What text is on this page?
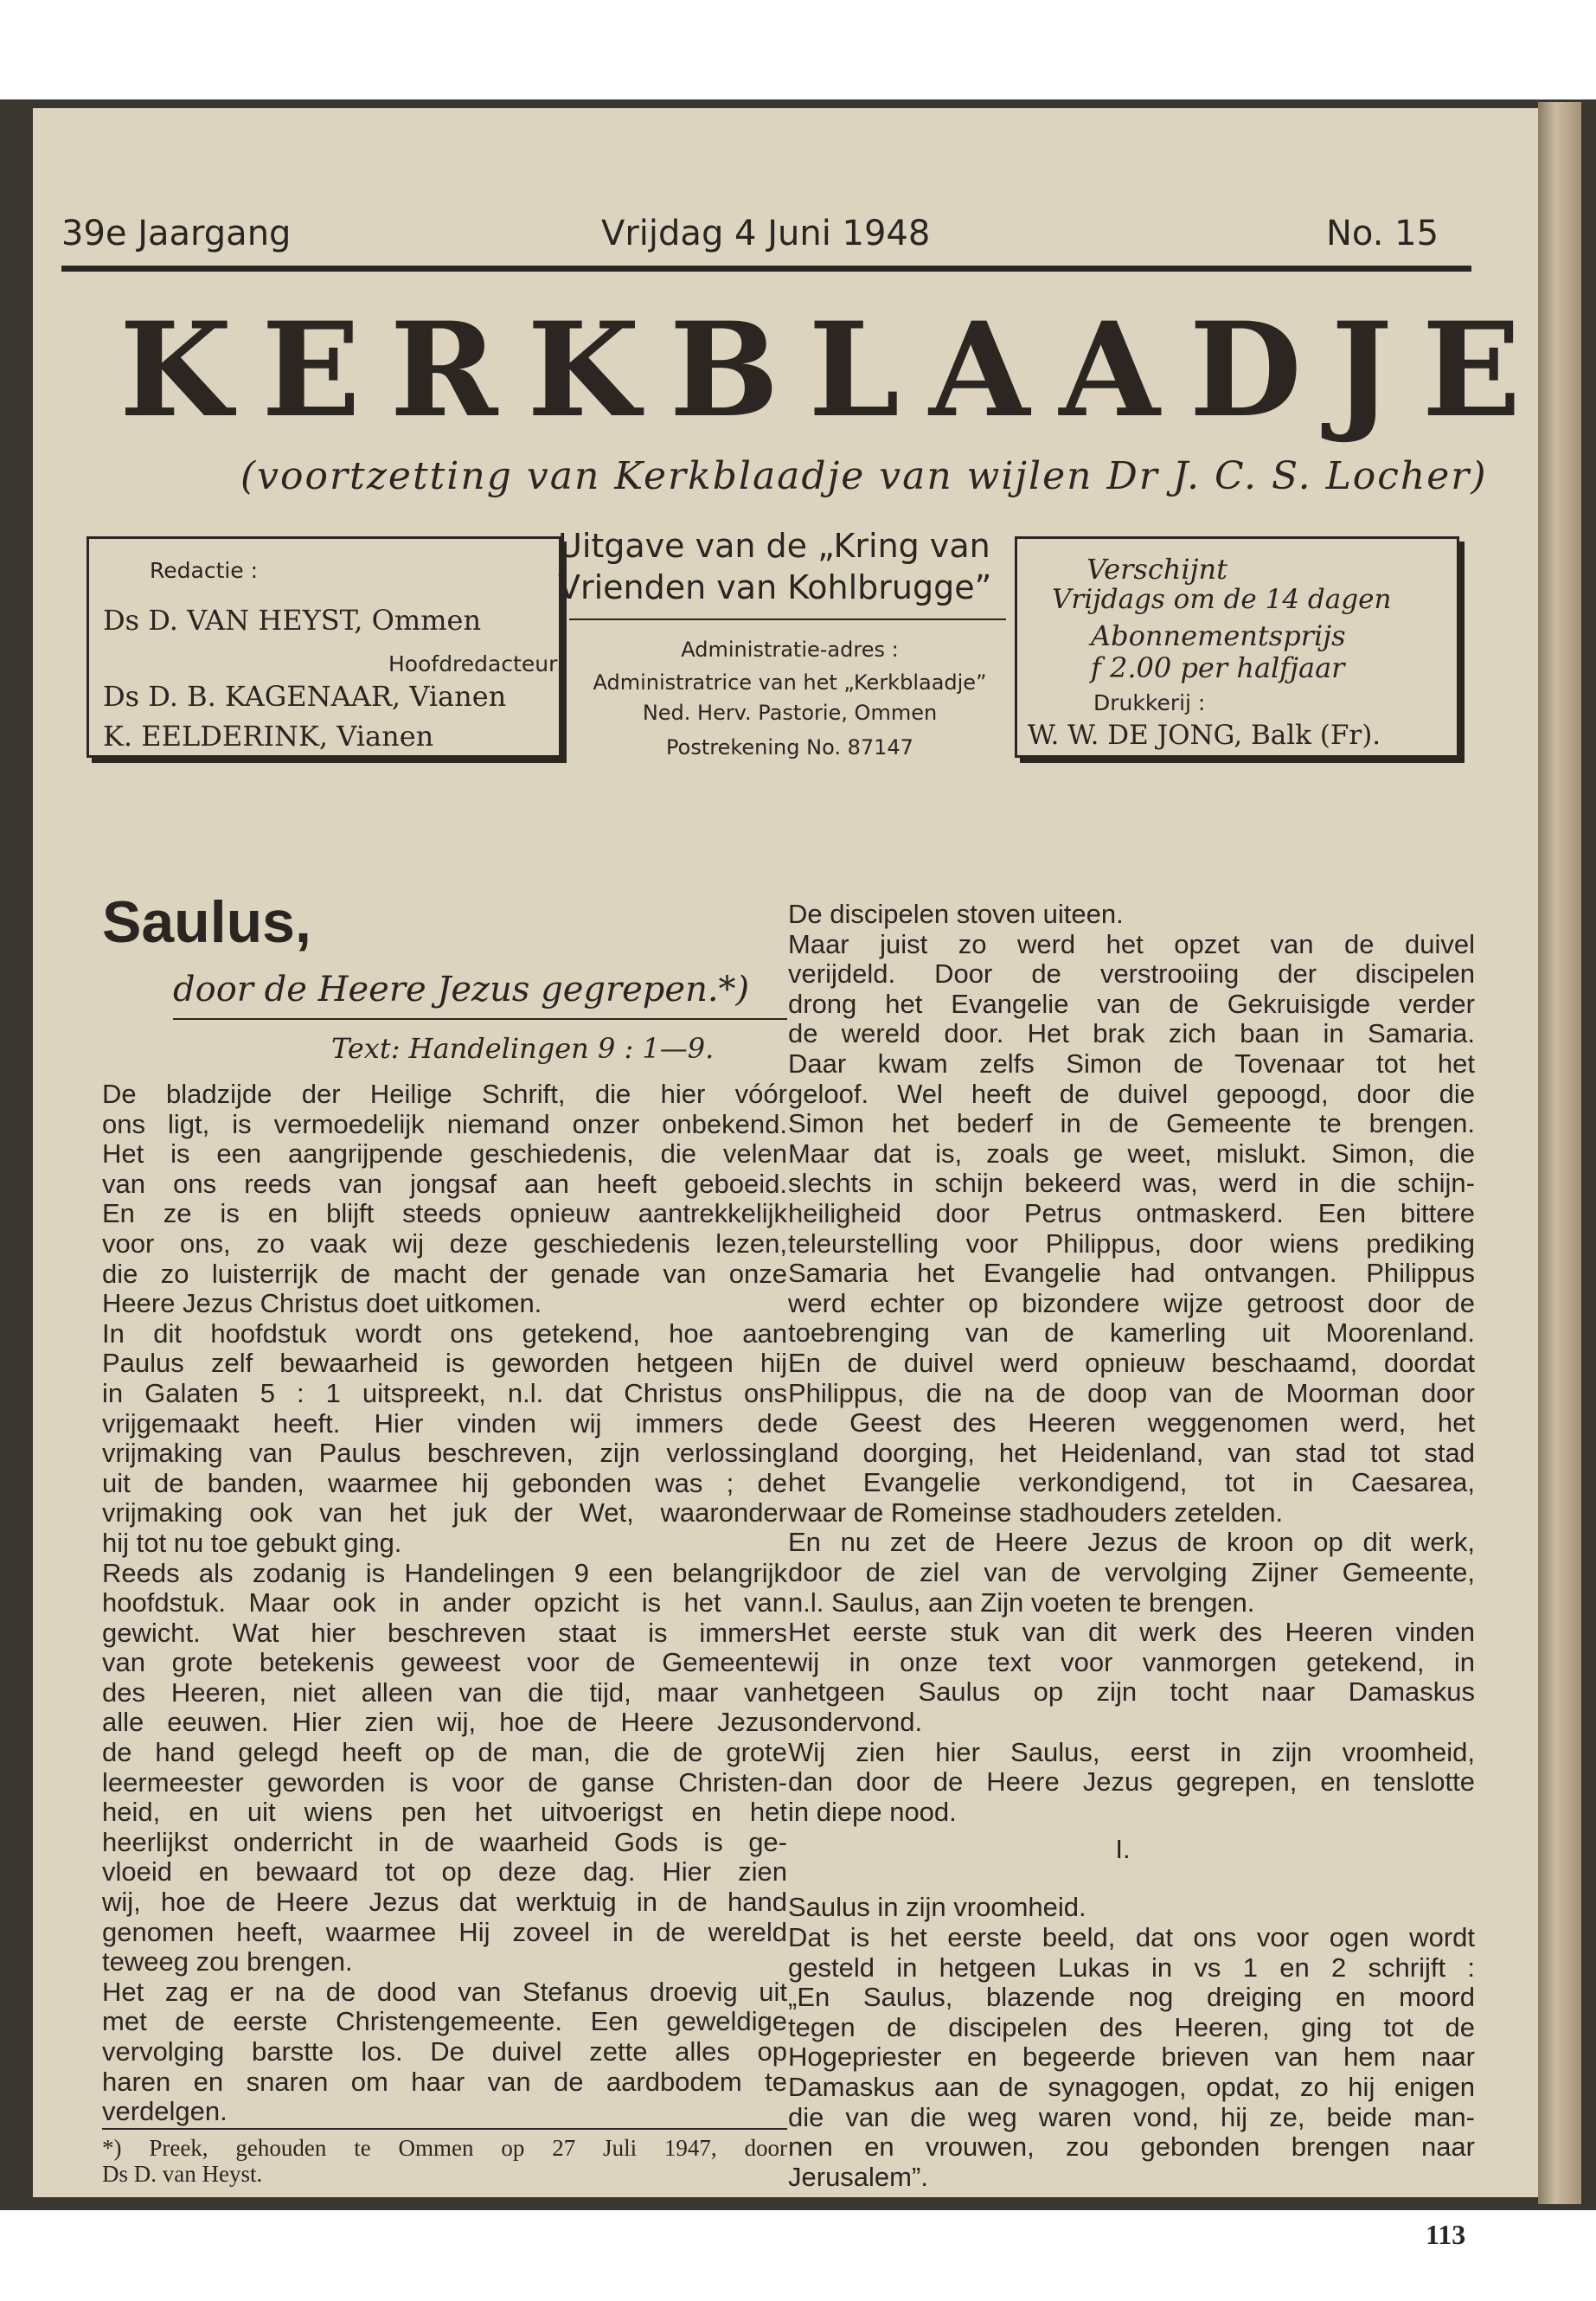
39e Jaargang	Vrijdag 4 Juni 1948	No. 15
KERKBLAADJE
(voortzetting van Kerkblaadje van wijlen Dr J. C. S. Locher)
Redactie :
Ds D. VAN HEYST, Ommen
Hoofdredacteur
Ds D. B. KAGENAAR, Vianen
K. EELDERINK, Vianen
Uitgave van de „Kring van
Vrienden van Kohlbrugge”
Administratie-adres :
Administratrice van het „Kerkblaadje”
Ned. Herv. Pastorie, Ommen
Postrekening No. 87147
Verschijnt
Vrijdags om de 14 dagen
Abonnementsprijs
f 2.00 per halfjaar
Drukkerij :
W. W. DE JONG, Balk (Fr).
Saulus,
door de Heere Jezus gegrepen.*)
Text: Handelingen 9 : 1—9.
De bladzijde der Heilige Schrift, die hier vóór
ons ligt, is vermoedelijk niemand onzer onbekend.
Het is een aangrijpende geschiedenis, die velen
van ons reeds van jongsaf aan heeft geboeid.
En ze is en blijft steeds opnieuw aantrekkelijk
voor ons, zo vaak wij deze geschiedenis lezen,
die zo luisterrijk de macht der genade van onze
Heere Jezus Christus doet uitkomen.
In dit hoofdstuk wordt ons getekend, hoe aan
Paulus zelf bewaarheid is geworden hetgeen hij
in Galaten 5 : 1 uitspreekt, n.l. dat Christus ons
vrijgemaakt heeft. Hier vinden wij immers de
vrijmaking van Paulus beschreven, zijn verlossing
uit de banden, waarmee hij gebonden was ; de
vrijmaking ook van het juk der Wet, waaronder
hij tot nu toe gebukt ging.
Reeds als zodanig is Handelingen 9 een belangrijk
hoofdstuk. Maar ook in ander opzicht is het van
gewicht. Wat hier beschreven staat is immers
van grote betekenis geweest voor de Gemeente
des Heeren, niet alleen van die tijd, maar van
alle eeuwen. Hier zien wij, hoe de Heere Jezus
de hand gelegd heeft op de man, die de grote
leermeester geworden is voor de ganse Christen-
heid, en uit wiens pen het uitvoerigst en het
heerlijkst onderricht in de waarheid Gods is ge-
vloeid en bewaard tot op deze dag. Hier zien
wij, hoe de Heere Jezus dat werktuig in de hand
genomen heeft, waarmee Hij zoveel in de wereld
teweeg zou brengen.
Het zag er na de dood van Stefanus droevig uit
met de eerste Christengemeente. Een geweldige
vervolging barstte los. De duivel zette alles op
haren en snaren om haar van de aardbodem te
verdelgen.
*) Preek, gehouden te Ommen op 27 Juli 1947, door
Ds D. van Heyst.
De discipelen stoven uiteen.
Maar juist zo werd het opzet van de duivel
verijdeld. Door de verstrooiing der discipelen
drong het Evangelie van de Gekruisigde verder
de wereld door. Het brak zich baan in Samaria.
Daar kwam zelfs Simon de Tovenaar tot het
geloof. Wel heeft de duivel gepoogd, door die
Simon het bederf in de Gemeente te brengen.
Maar dat is, zoals ge weet, mislukt. Simon, die
slechts in schijn bekeerd was, werd in die schijn-
heiligheid door Petrus ontmaskerd. Een bittere
teleurstelling voor Philippus, door wiens prediking
Samaria het Evangelie had ontvangen. Philippus
werd echter op bizondere wijze getroost door de
toebrenging van de kamerling uit Moorenland.
En de duivel werd opnieuw beschaamd, doordat
Philippus, die na de doop van de Moorman door
de Geest des Heeren weggenomen werd, het
land doorging, het Heidenland, van stad tot stad
het Evangelie verkondigend, tot in Caesarea,
waar de Romeinse stadhouders zetelden.
En nu zet de Heere Jezus de kroon op dit werk,
door de ziel van de vervolging Zijner Gemeente,
n.l. Saulus, aan Zijn voeten te brengen.
Het eerste stuk van dit werk des Heeren vinden
wij in onze text voor vanmorgen getekend, in
hetgeen Saulus op zijn tocht naar Damaskus
ondervond.
Wij zien hier Saulus, eerst in zijn vroomheid,
dan door de Heere Jezus gegrepen, en tenslotte
in diepe nood.
I.
Saulus in zijn vroomheid.
Dat is het eerste beeld, dat ons voor ogen wordt
gesteld in hetgeen Lukas in vs 1 en 2 schrijft :
„En Saulus, blazende nog dreiging en moord
tegen de discipelen des Heeren, ging tot de
Hogepriester en begeerde brieven van hem naar
Damaskus aan de synagogen, opdat, zo hij enigen
die van die weg waren vond, hij ze, beide man-
nen en vrouwen, zou gebonden brengen naar
Jerusalem”.
113
